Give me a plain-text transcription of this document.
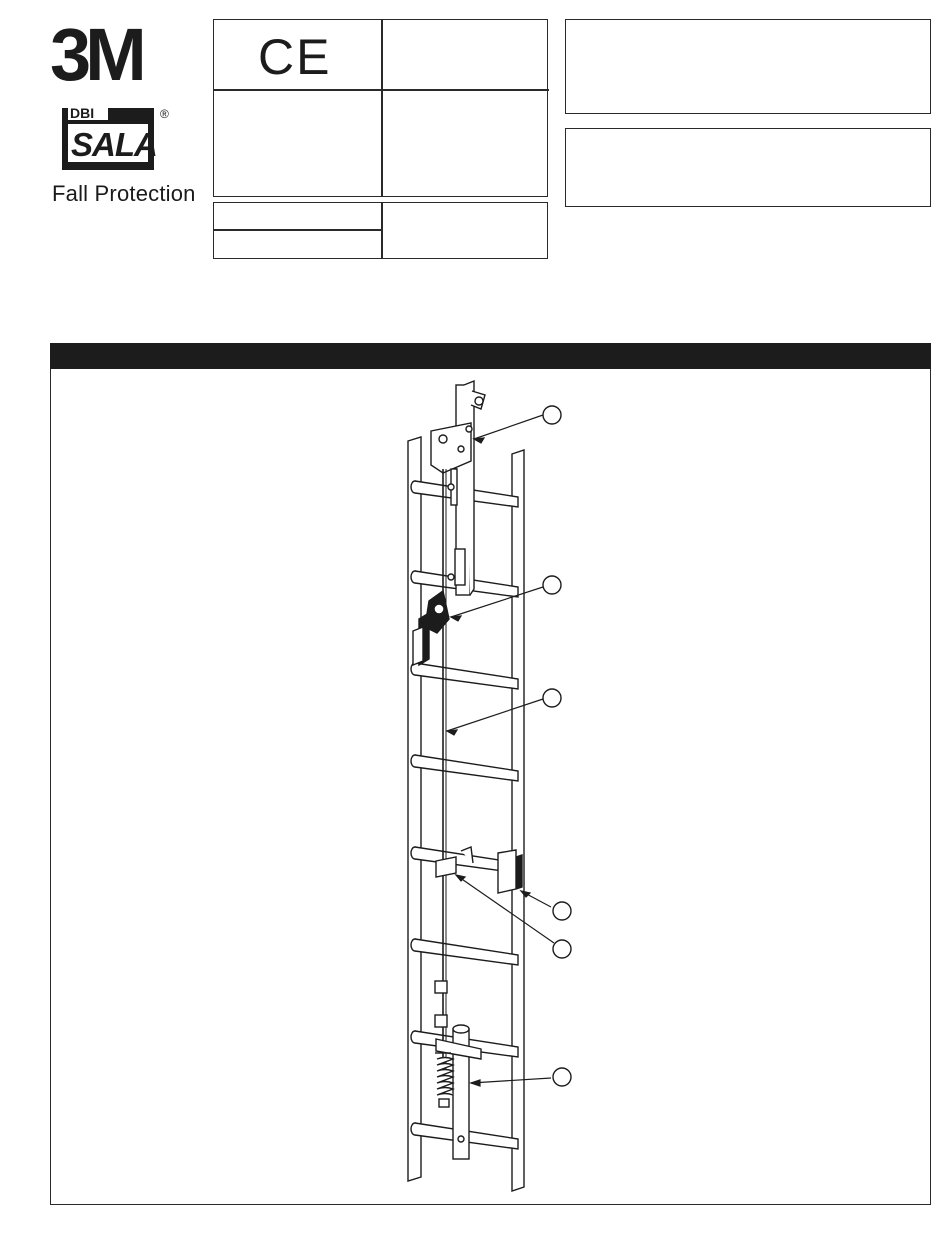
3M
DBI
SALA
®
Fall Protection
CE
